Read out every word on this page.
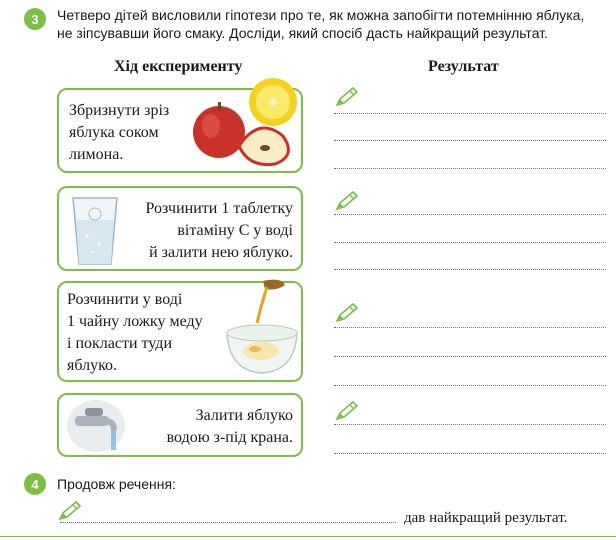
3 Четверо дітей висловили гіпотези про те, як можна запобігти потемнінню яблука,
не зіпсувавши його смаку. Досліди, який спосіб дасть найкращий результат.
Хід експерименту	Результат
Збризнути зріз
яблука соком
лимона.
Розчинити 1 таблетку
вітаміну С у воді
й залити нею яблуко.
Розчинити у воді
1 чайну ложку меду
і покласти туди
яблуко.
Залити яблуко
водою з-під крана.
4 Продовж речення:
дав найкращий результат.
